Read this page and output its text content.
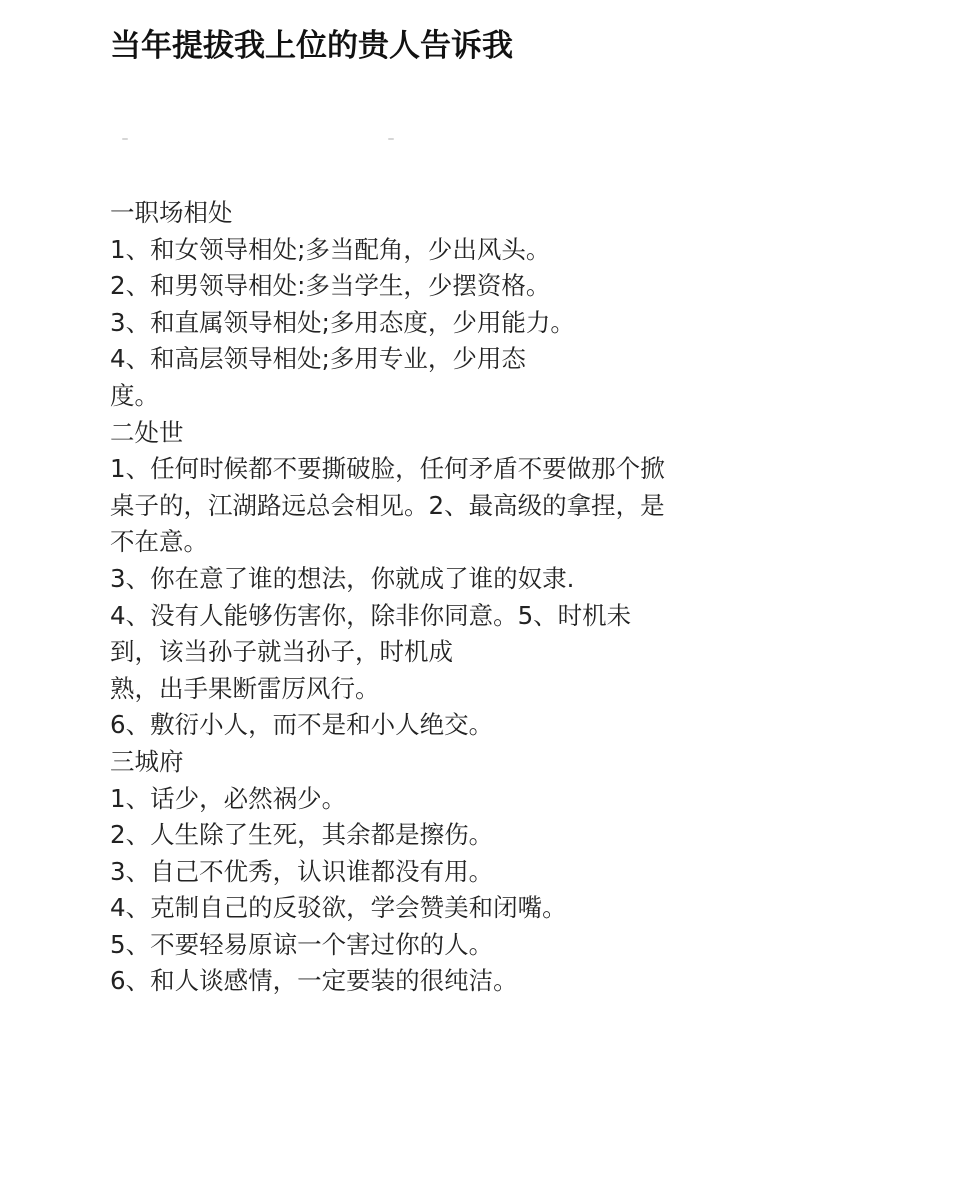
当年提拔我上位的贵人告诉我
一职场相处
1、和女领导相处;多当配角，少出风头。
2、和男领导相处:多当学生，少摆资格。
3、和直属领导相处;多用态度，少用能力。
4、和高层领导相处;多用专业，少用态
度。
二处世
1、任何时候都不要撕破脸，任何矛盾不要做那个掀
桌子的，江湖路远总会相见。2、最高级的拿捏，是
不在意。
3、你在意了谁的想法，你就成了谁的奴隶.
4、没有人能够伤害你，除非你同意。5、时机未
到，该当孙子就当孙子，时机成
熟，出手果断雷厉风行。
6、敷衍小人，而不是和小人绝交。
三城府
1、话少，必然祸少。
2、人生除了生死，其余都是擦伤。
3、自己不优秀，认识谁都没有用。
4、克制自己的反驳欲，学会赞美和闭嘴。
5、不要轻易原谅一个害过你的人。
6、和人谈感情，一定要装的很纯洁。
